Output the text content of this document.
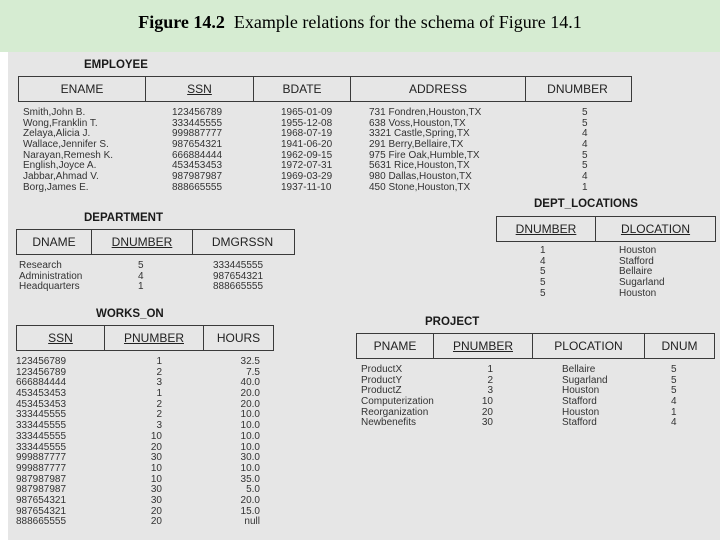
Figure 14.2 Example relations for the schema of Figure 14.1
EMPLOYEE
ENAME	SSN	BDATE	ADDRESS	DNUMBER
Smith,John B.	123456789	1965-01-09	731 Fondren,Houston,TX	5
Wong,Franklin T.	333445555	1955-12-08	638 Voss,Houston,TX	5
Zelaya,Alicia J.	999887777	1968-07-19	3321 Castle,Spring,TX	4
Wallace,Jennifer S.	987654321	1941-06-20	291 Berry,Bellaire,TX	4
Narayan,Remesh K.	666884444	1962-09-15	975 Fire Oak,Humble,TX	5
English,Joyce A.	453453453	1972-07-31	5631 Rice,Houston,TX	5
Jabbar,Ahmad V.	987987987	1969-03-29	980 Dallas,Houston,TX	4
Borg,James E.	888665555	1937-11-10	450 Stone,Houston,TX	1
DEPARTMENT
DNAME	DNUMBER	DMGRSSN
Research	5	333445555
Administration	4	987654321
Headquarters	1	888665555
DEPT_LOCATIONS
DNUMBER	DLOCATION
1	Houston
4	Stafford
5	Bellaire
5	Sugarland
5	Houston
WORKS_ON
SSN	PNUMBER	HOURS
123456789	1	32.5
123456789	2	7.5
666884444	3	40.0
453453453	1	20.0
453453453	2	20.0
333445555	2	10.0
333445555	3	10.0
333445555	10	10.0
333445555	20	10.0
999887777	30	30.0
999887777	10	10.0
987987987	10	35.0
987987987	30	5.0
987654321	30	20.0
987654321	20	15.0
888665555	20	null
PROJECT
PNAME	PNUMBER	PLOCATION	DNUM
ProductX	1	Bellaire	5
ProductY	2	Sugarland	5
ProductZ	3	Houston	5
Computerization	10	Stafford	4
Reorganization	20	Houston	1
Newbenefits	30	Stafford	4
